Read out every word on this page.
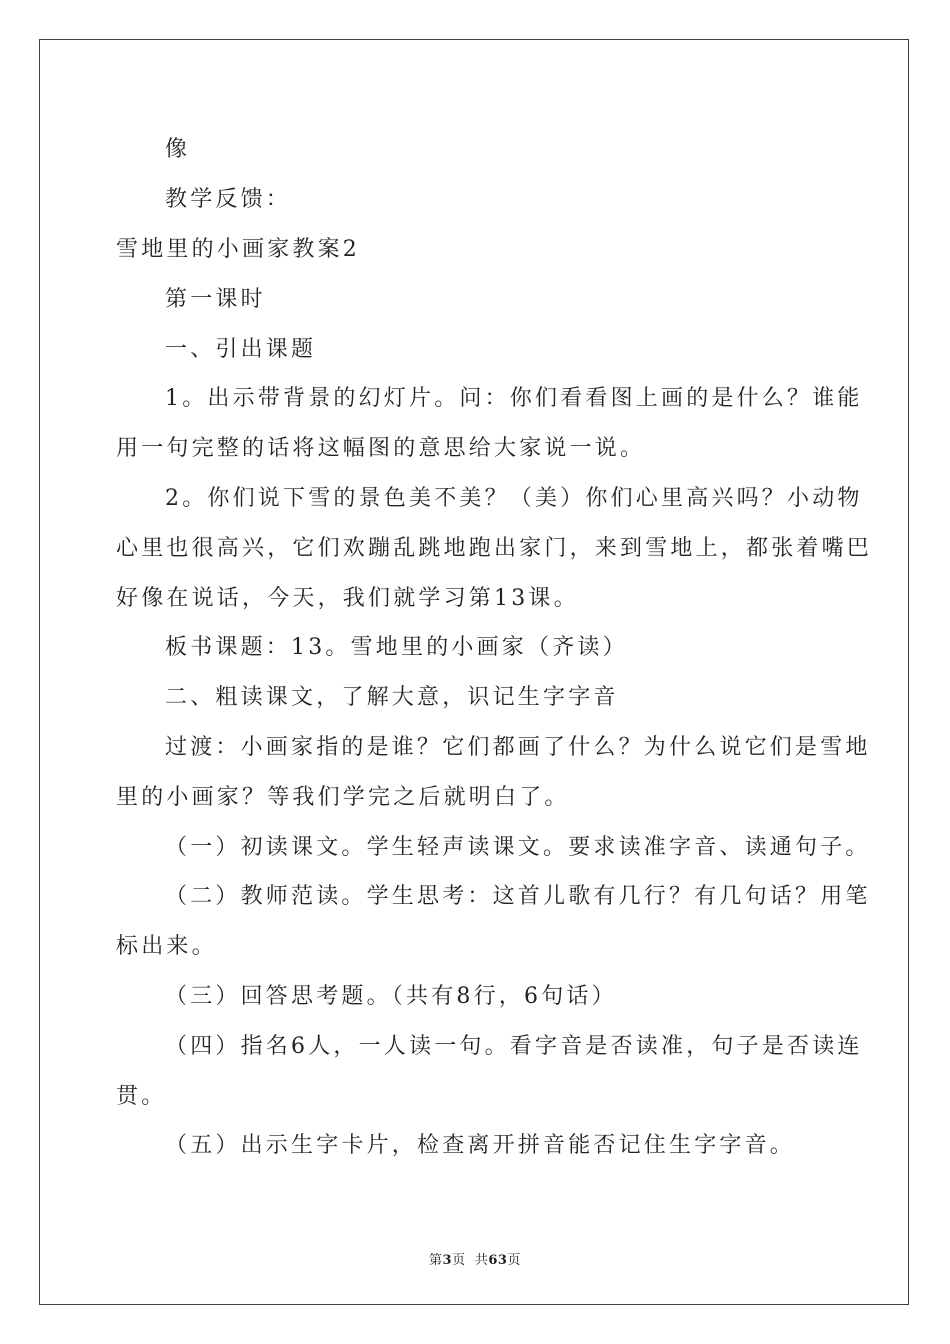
像
教学反馈：
雪地里的小画家教案2
第一课时
一、引出课题
1。出示带背景的幻灯片。问：你们看看图上画的是什么？谁能
用一句完整的话将这幅图的意思给大家说一说。
2。你们说下雪的景色美不美？（美）你们心里高兴吗？小动物
心里也很高兴，它们欢蹦乱跳地跑出家门，来到雪地上，都张着嘴巴
好像在说话，今天，我们就学习第13课。
板书课题：13。雪地里的小画家（齐读）
二、粗读课文，了解大意，识记生字字音
过渡：小画家指的是谁？它们都画了什么？为什么说它们是雪地
里的小画家？等我们学完之后就明白了。
（一）初读课文。学生轻声读课文。要求读准字音、读通句子。
（二）教师范读。学生思考：这首儿歌有几行？有几句话？用笔
标出来。
（三）回答思考题。（共有8行，6句话）
（四）指名6人，一人读一句。看字音是否读准，句子是否读连
贯。
（五）出示生字卡片，检查离开拼音能否记住生字字音。
第3页  共63页
